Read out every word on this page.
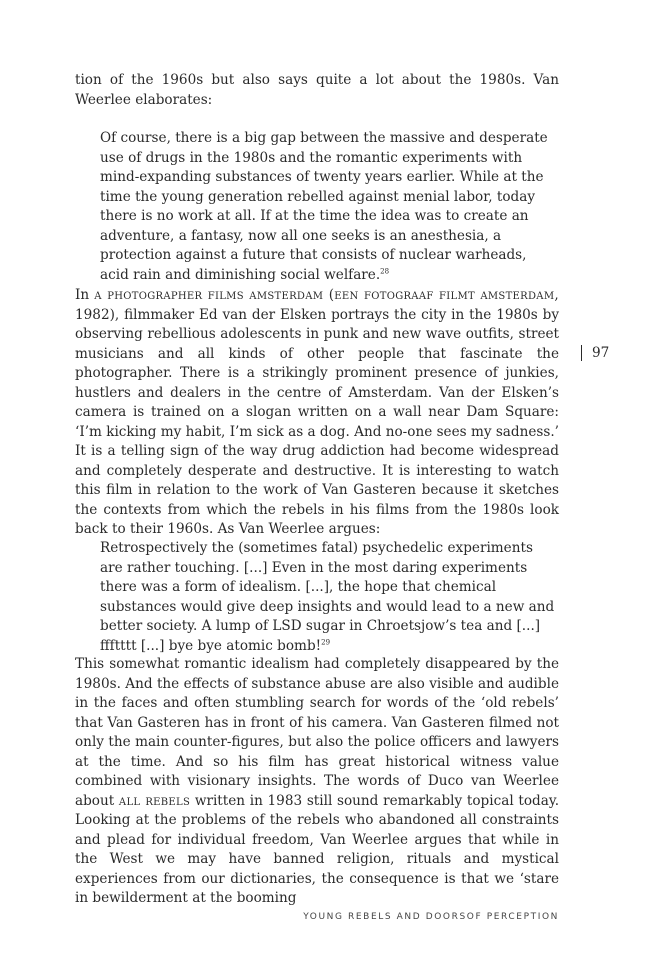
tion of the 1960s but also says quite a lot about the 1980s. Van Weerlee elaborates:

Of course, there is a big gap between the massive and desperate use of drugs in the 1980s and the romantic experiments with mind-expanding substances of twenty years earlier. While at the time the young generation rebelled against menial labor, today there is no work at all. If at the time the idea was to create an adventure, a fantasy, now all one seeks is an anesthesia, a protection against a future that consists of nuclear warheads, acid rain and diminishing social welfare.$^{28}$

In a photographer films amsterdam (een fotograaf filmt amsterdam, 1982), filmmaker Ed van der Elsken portrays the city in the 1980s by observing rebellious adolescents in punk and new wave outfits, street musicians and all kinds of other people that fascinate the photographer. There is a strikingly prominent presence of junkies, hustlers and dealers in the centre of Amsterdam. Van der Elsken’s camera is trained on a slogan written on a wall near Dam Square: ‘I’m kicking my habit, I’m sick as a dog. And no-one sees my sadness.’ It is a telling sign of the way drug addiction had become widespread and completely desperate and destructive. It is interesting to watch this film in relation to the work of Van Gasteren because it sketches the contexts from which the rebels in his films from the 1980s look back to their 1960s. As Van Weerlee argues:

97

Retrospectively the (sometimes fatal) psychedelic experiments are rather touching. [...] Even in the most daring experiments there was a form of idealism. [...], the hope that chemical substances would give deep insights and would lead to a new and better society. A lump of LSD sugar in Chroetsjow’s tea and [...] ffftttt [...] bye bye atomic bomb!$^{29}$

This somewhat romantic idealism had completely disappeared by the 1980s. And the effects of substance abuse are also visible and audible in the faces and often stumbling search for words of the ‘old rebels’ that Van Gasteren has in front of his camera. Van Gasteren filmed not only the main counter-figures, but also the police officers and lawyers at the time. And so his film has great historical witness value combined with visionary insights. The words of Duco van Weerlee about all rebels written in 1983 still sound remarkably topical today. Looking at the problems of the rebels who abandoned all constraints and plead for individual freedom, Van Weerlee argues that while in the West we may have banned religion, rituals and mystical experiences from our dictionaries, the consequence is that we ‘stare in bewilderment at the booming

YOUNG REBELS AND DOORSOF PERCEPTION
